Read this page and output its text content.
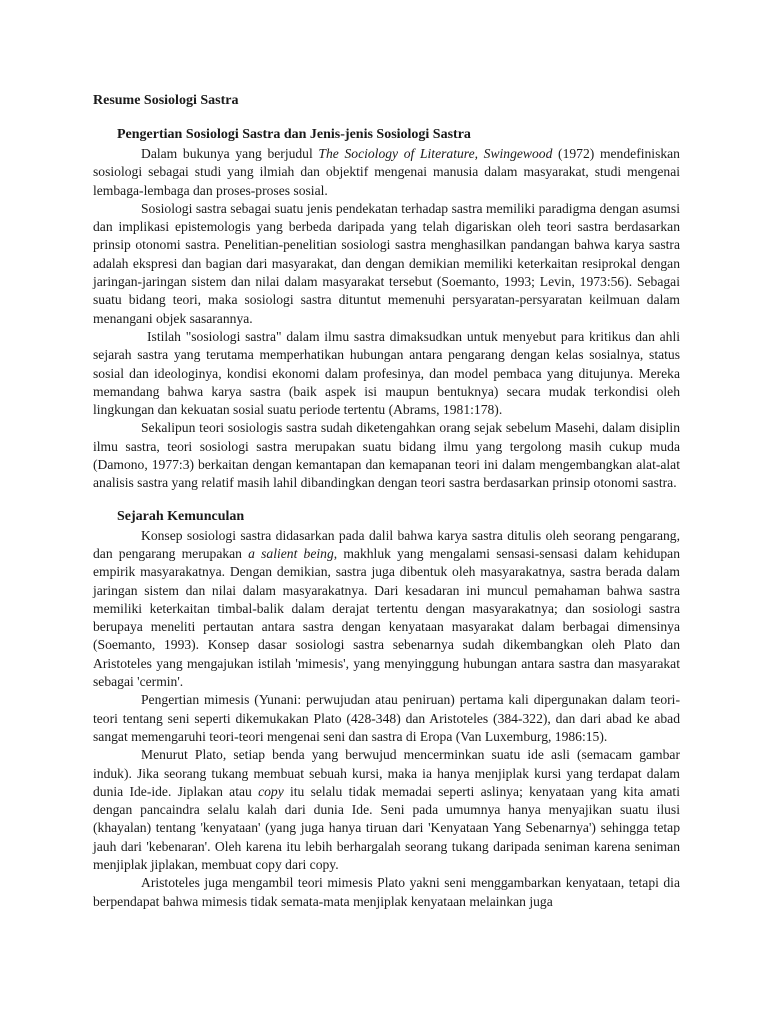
Resume Sosiologi Sastra
Pengertian Sosiologi Sastra dan Jenis-jenis Sosiologi Sastra

Dalam bukunya yang berjudul The Sociology of Literature, Swingewood (1972) mendefiniskan sosiologi sebagai studi yang ilmiah dan objektif mengenai manusia dalam masyarakat, studi mengenai lembaga-lembaga dan proses-proses sosial.

Sosiologi sastra sebagai suatu jenis pendekatan terhadap sastra memiliki paradigma dengan asumsi dan implikasi epistemologis yang berbeda daripada yang telah digariskan oleh teori sastra berdasarkan prinsip otonomi sastra. Penelitian-penelitian sosiologi sastra menghasilkan pandangan bahwa karya sastra adalah ekspresi dan bagian dari masyarakat, dan dengan demikian memiliki keterkaitan resiprokal dengan jaringan-jaringan sistem dan nilai dalam masyarakat tersebut (Soemanto, 1993; Levin, 1973:56). Sebagai suatu bidang teori, maka sosiologi sastra dituntut memenuhi persyaratan-persyaratan keilmuan dalam menangani objek sasarannya.

Istilah "sosiologi sastra" dalam ilmu sastra dimaksudkan untuk menyebut para kritikus dan ahli sejarah sastra yang terutama memperhatikan hubungan antara pengarang dengan kelas sosialnya, status sosial dan ideologinya, kondisi ekonomi dalam profesinya, dan model pembaca yang ditujunya. Mereka memandang bahwa karya sastra (baik aspek isi maupun bentuknya) secara mudak terkondisi oleh lingkungan dan kekuatan sosial suatu periode tertentu (Abrams, 1981:178).

Sekalipun teori sosiologis sastra sudah diketengahkan orang sejak sebelum Masehi, dalam disiplin ilmu sastra, teori sosiologi sastra merupakan suatu bidang ilmu yang tergolong masih cukup muda (Damono, 1977:3) berkaitan dengan kemantapan dan kemapanan teori ini dalam mengembangkan alat-alat analisis sastra yang relatif masih lahil dibandingkan dengan teori sastra berdasarkan prinsip otonomi sastra.

Sejarah Kemunculan

Konsep sosiologi sastra didasarkan pada dalil bahwa karya sastra ditulis oleh seorang pengarang, dan pengarang merupakan a salient being, makhluk yang mengalami sensasi-sensasi dalam kehidupan empirik masyarakatnya. Dengan demikian, sastra juga dibentuk oleh masyarakatnya, sastra berada dalam jaringan sistem dan nilai dalam masyarakatnya. Dari kesadaran ini muncul pemahaman bahwa sastra memiliki keterkaitan timbal-balik dalam derajat tertentu dengan masyarakatnya; dan sosiologi sastra berupaya meneliti pertautan antara sastra dengan kenyataan masyarakat dalam berbagai dimensinya (Soemanto, 1993). Konsep dasar sosiologi sastra sebenarnya sudah dikembangkan oleh Plato dan Aristoteles yang mengajukan istilah 'mimesis', yang menyinggung hubungan antara sastra dan masyarakat sebagai 'cermin'.

Pengertian mimesis (Yunani: perwujudan atau peniruan) pertama kali dipergunakan dalam teori-teori tentang seni seperti dikemukakan Plato (428-348) dan Aristoteles (384-322), dan dari abad ke abad sangat memengaruhi teori-teori mengenai seni dan sastra di Eropa (Van Luxemburg, 1986:15).

Menurut Plato, setiap benda yang berwujud mencerminkan suatu ide asli (semacam gambar induk). Jika seorang tukang membuat sebuah kursi, maka ia hanya menjiplak kursi yang terdapat dalam dunia Ide-ide. Jiplakan atau copy itu selalu tidak memadai seperti aslinya; kenyataan yang kita amati dengan pancaindra selalu kalah dari dunia Ide. Seni pada umumnya hanya menyajikan suatu ilusi (khayalan) tentang 'kenyataan' (yang juga hanya tiruan dari 'Kenyataan Yang Sebenarnya') sehingga tetap jauh dari 'kebenaran'. Oleh karena itu lebih berhargalah seorang tukang daripada seniman karena seniman menjiplak jiplakan, membuat copy dari copy.

Aristoteles juga mengambil teori mimesis Plato yakni seni menggambarkan kenyataan, tetapi dia berpendapat bahwa mimesis tidak semata-mata menjiplak kenyataan melainkan juga
